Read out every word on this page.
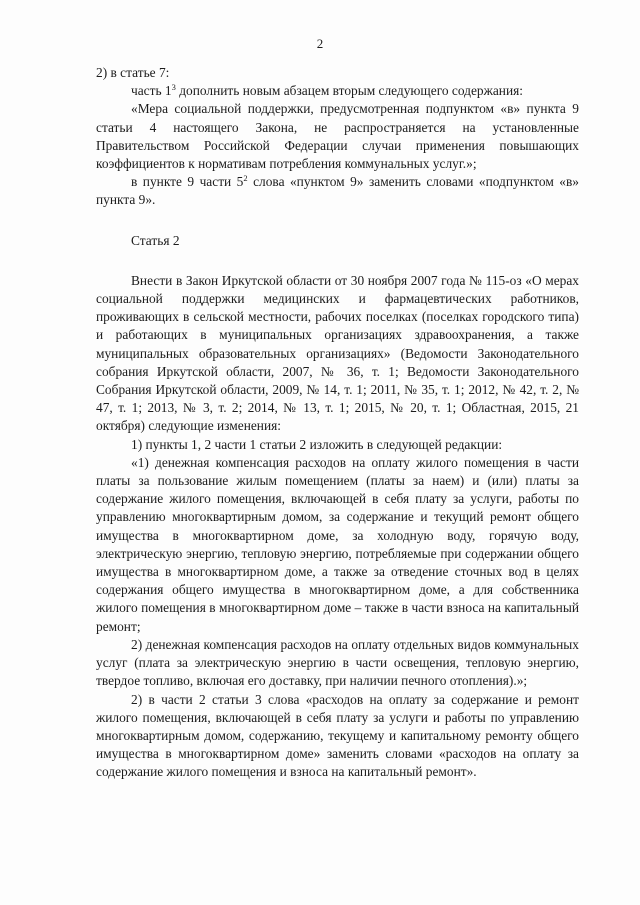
2

2) в статье 7:

часть $1^3$ дополнить новым абзацем вторым следующего содержания:

«Мера социальной поддержки, предусмотренная подпунктом «в» пункта 9 статьи 4 настоящего Закона, не распространяется на установленные Правительством Российской Федерации случаи применения повышающих коэффициентов к нормативам потребления коммунальных услуг.»;

в пункте 9 части $5^2$ слова «пунктом 9» заменить словами «подпунктом «в» пункта 9».

Статья 2

Внести в Закон Иркутской области от 30 ноября 2007 года № 115-оз «О мерах социальной поддержки медицинских и фармацевтических работников, проживающих в сельской местности, рабочих поселках (поселках городского типа) и работающих в муниципальных организациях здравоохранения, а также муниципальных образовательных организациях» (Ведомости Законодательного собрания Иркутской области, 2007, № 36, т. 1; Ведомости Законодательного Собрания Иркутской области, 2009, № 14, т. 1; 2011, № 35, т. 1; 2012, № 42, т. 2, № 47, т. 1; 2013, № 3, т. 2; 2014, № 13, т. 1; 2015, № 20, т. 1; Областная, 2015, 21 октября) следующие изменения:

1) пункты 1, 2 части 1 статьи 2 изложить в следующей редакции:

«1) денежная компенсация расходов на оплату жилого помещения в части платы за пользование жилым помещением (платы за наем) и (или) платы за содержание жилого помещения, включающей в себя плату за услуги, работы по управлению многоквартирным домом, за содержание и текущий ремонт общего имущества в многоквартирном доме, за холодную воду, горячую воду, электрическую энергию, тепловую энергию, потребляемые при содержании общего имущества в многоквартирном доме, а также за отведение сточных вод в целях содержания общего имущества в многоквартирном доме, а для собственника жилого помещения в многоквартирном доме – также в части взноса на капитальный ремонт;

2) денежная компенсация расходов на оплату отдельных видов коммунальных услуг (плата за электрическую энергию в части освещения, тепловую энергию, твердое топливо, включая его доставку, при наличии печного отопления).»;

2) в части 2 статьи 3 слова «расходов на оплату за содержание и ремонт жилого помещения, включающей в себя плату за услуги и работы по управлению многоквартирным домом, содержанию, текущему и капитальному ремонту общего имущества в многоквартирном доме» заменить словами «расходов на оплату за содержание жилого помещения и взноса на капитальный ремонт».
